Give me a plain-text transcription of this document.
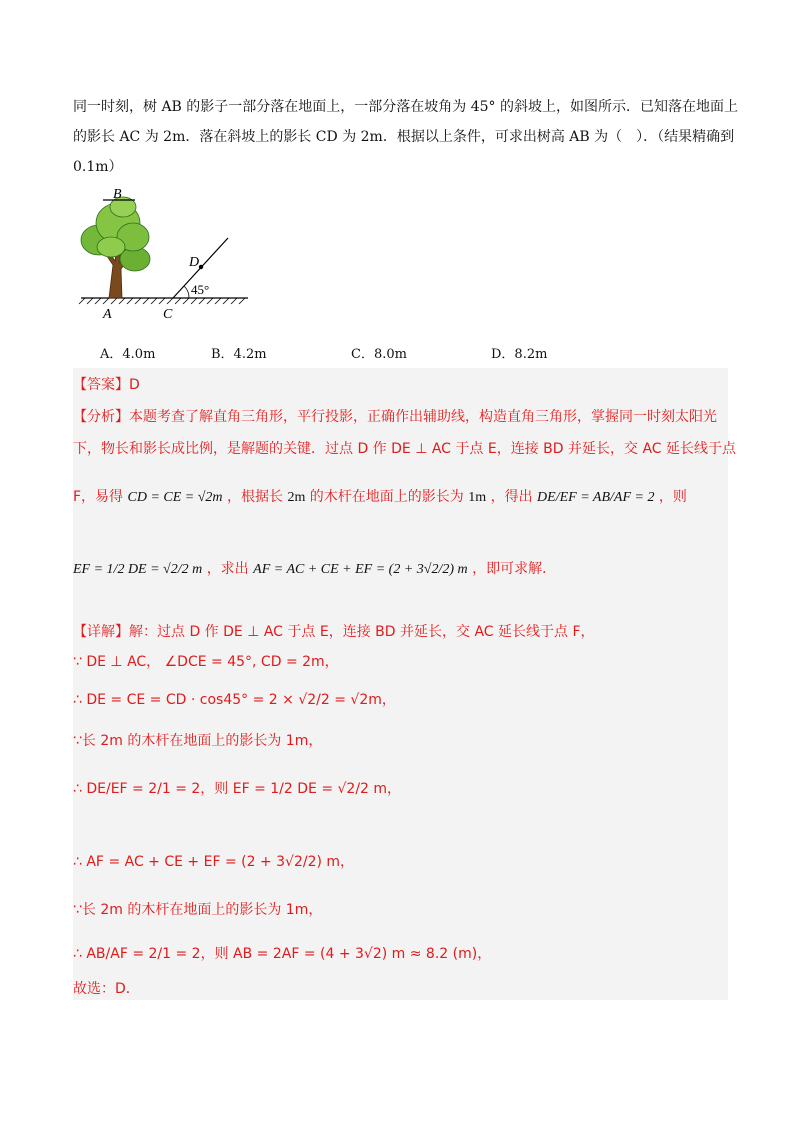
同一时刻，树 AB 的影子一部分落在地面上，一部分落在坡角为 45° 的斜坡上，如图所示．已知落在地面上
的影长 AC 为 2m．落在斜坡上的影长 CD 为 2m．根据以上条件，可求出树高 AB 为（　）．（结果精确到
0.1m）
B
A	C
D
45°
A．4.0m	B．4.2m	C．8.0m	D．8.2m
【答案】D
【分析】本题考查了解直角三角形，平行投影，正确作出辅助线，构造直角三角形，掌握同一时刻太阳光
下，物长和影长成比例，是解题的关键．过点 D 作 DE ⊥ AC 于点 E，连接 BD 并延长，交 AC 延长线于点
F，易得 CD = CE = √2m ，根据长 2m 的木杆在地面上的影长为 1m ，得出 DE/EF = AB/AF = 2 ，则
EF = 1/2 DE = √2/2 m ，求出 AF = AC + CE + EF = (2 + 3√2/2) m ，即可求解．
【详解】解：过点 D 作 DE ⊥ AC 于点 E，连接 BD 并延长，交 AC 延长线于点 F，
∵ DE ⊥ AC， ∠DCE = 45°, CD = 2m，
∴ DE = CE = CD · cos45° = 2 × √2/2 = √2m，
∵长 2m 的木杆在地面上的影长为 1m，
∴ DE/EF = 2/1 = 2，则 EF = 1/2 DE = √2/2 m，
∴ AF = AC + CE + EF = (2 + 3√2/2) m，
∵长 2m 的木杆在地面上的影长为 1m，
∴ AB/AF = 2/1 = 2，则 AB = 2AF = (4 + 3√2) m ≈ 8.2 (m)，
故选：D．
